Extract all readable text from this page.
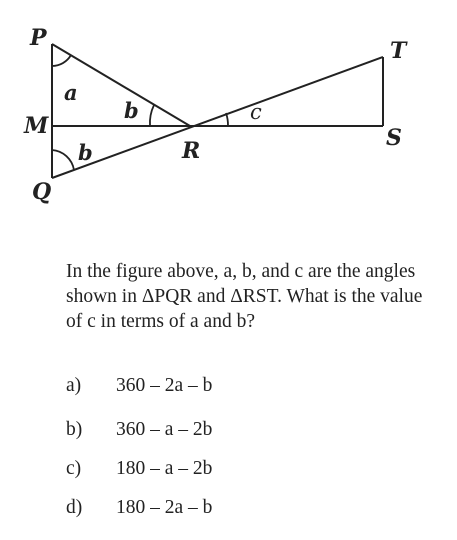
P	T
M
R	S
Q
a
b	c
b

In the figure above, a, b, and c are the angles shown in ΔPQR and ΔRST. What is the value of c in terms of a and b?

a) 360 – 2a – b
b) 360 – a – 2b
c) 180 – a – 2b
d) 180 – 2a – b
